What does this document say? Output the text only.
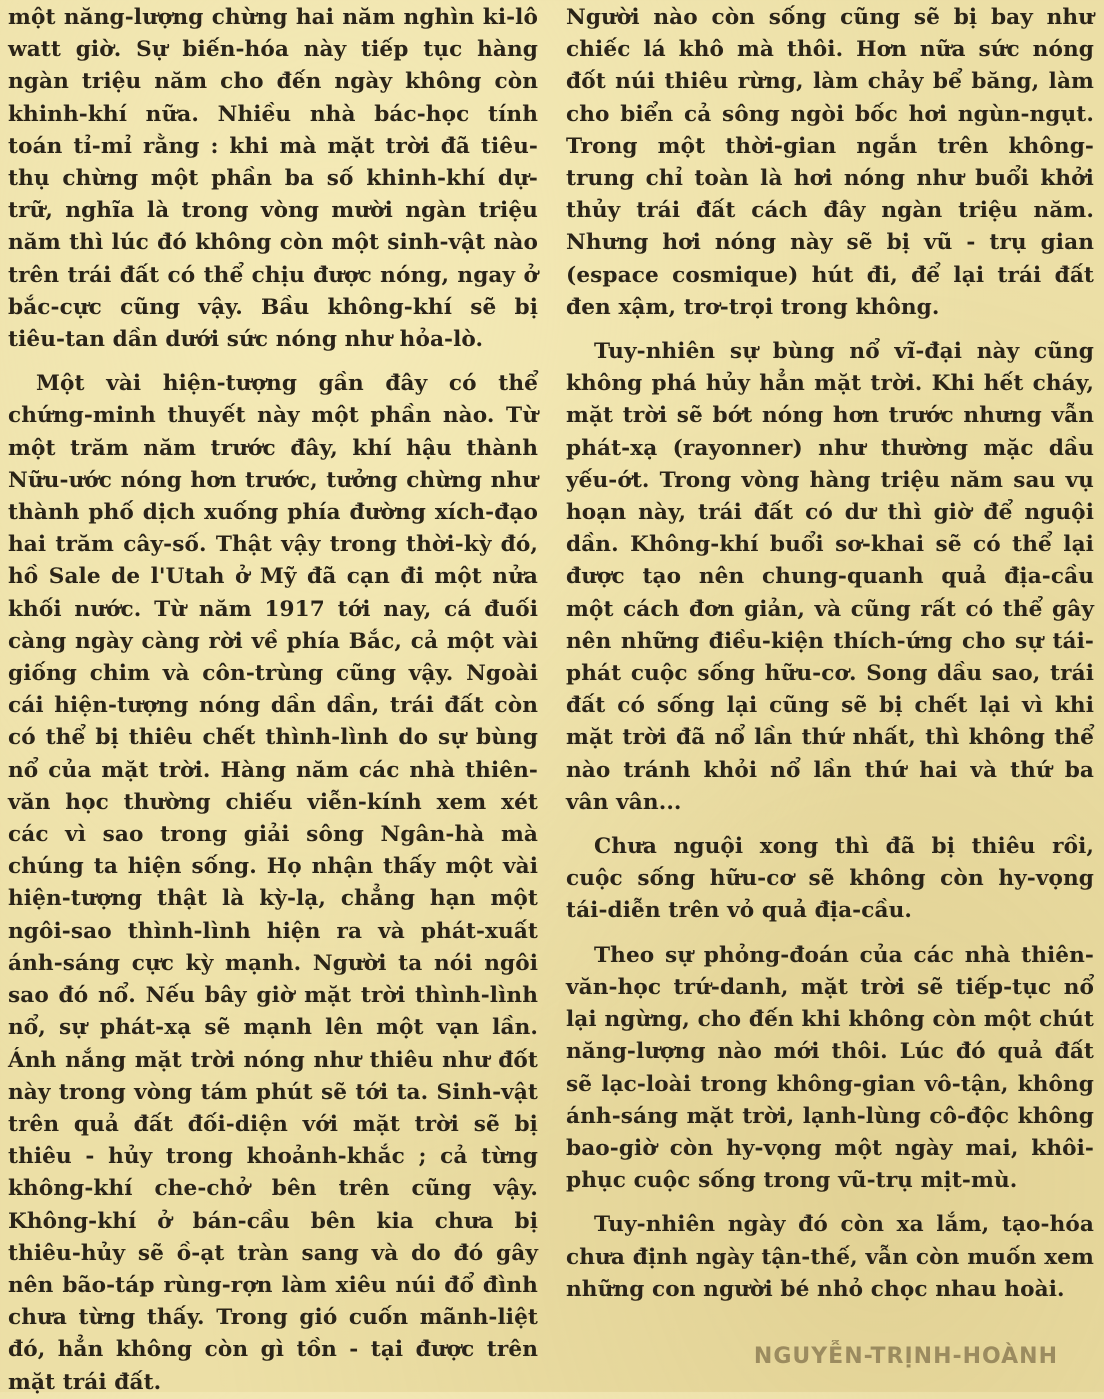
một năng-lượng chừng hai năm nghìn ki-lô watt giờ. Sự biến-hóa này tiếp tục hàng ngàn triệu năm cho đến ngày không còn khinh-khí nữa. Nhiều nhà bác-học tính toán tỉ-mỉ rằng : khi mà mặt trời đã tiêu-thụ chừng một phần ba số khinh-khí dự-trữ, nghĩa là trong vòng mười ngàn triệu năm thì lúc đó không còn một sinh-vật nào trên trái đất có thể chịu được nóng, ngay ở bắc-cực cũng vậy. Bầu không-khí sẽ bị tiêu-tan dần dưới sức nóng như hỏa-lò.

Một vài hiện-tượng gần đây có thể chứng-minh thuyết này một phần nào. Từ một trăm năm trước đây, khí hậu thành Nữu-ước nóng hơn trước, tưởng chừng như thành phố dịch xuống phía đường xích-đạo hai trăm cây-số. Thật vậy trong thời-kỳ đó, hồ Sale de l'Utah ở Mỹ đã cạn đi một nửa khối nước. Từ năm 1917 tới nay, cá đuối càng ngày càng rời về phía Bắc, cả một vài giống chim và côn-trùng cũng vậy. Ngoài cái hiện-tượng nóng dần dần, trái đất còn có thể bị thiêu chết thình-lình do sự bùng nổ của mặt trời. Hàng năm các nhà thiên-văn học thường chiếu viễn-kính xem xét các vì sao trong giải sông Ngân-hà mà chúng ta hiện sống. Họ nhận thấy một vài hiện-tượng thật là kỳ-lạ, chẳng hạn một ngôi-sao thình-lình hiện ra và phát-xuất ánh-sáng cực kỳ mạnh. Người ta nói ngôi sao đó nổ. Nếu bây giờ mặt trời thình-lình nổ, sự phát-xạ sẽ mạnh lên một vạn lần. Ánh nắng mặt trời nóng như thiêu như đốt này trong vòng tám phút sẽ tới ta. Sinh-vật trên quả đất đối-diện với mặt trời sẽ bị thiêu - hủy trong khoảnh-khắc ; cả từng không-khí che-chở bên trên cũng vậy. Không-khí ở bán-cầu bên kia chưa bị thiêu-hủy sẽ ồ-ạt tràn sang và do đó gây nên bão-táp rùng-rợn làm xiêu núi đổ đình chưa từng thấy. Trong gió cuốn mãnh-liệt đó, hẳn không còn gì tồn - tại được trên mặt trái đất.

Người nào còn sống cũng sẽ bị bay như chiếc lá khô mà thôi. Hơn nữa sức nóng đốt núi thiêu rừng, làm chảy bể băng, làm cho biển cả sông ngòi bốc hơi ngùn-ngụt. Trong một thời-gian ngắn trên không-trung chỉ toàn là hơi nóng như buổi khởi thủy trái đất cách đây ngàn triệu năm. Nhưng hơi nóng này sẽ bị vũ - trụ gian (espace cosmique) hút đi, để lại trái đất đen xậm, trơ-trọi trong không.

Tuy-nhiên sự bùng nổ vĩ-đại này cũng không phá hủy hẳn mặt trời. Khi hết cháy, mặt trời sẽ bớt nóng hơn trước nhưng vẫn phát-xạ (rayonner) như thường mặc dầu yếu-ớt. Trong vòng hàng triệu năm sau vụ hoạn này, trái đất có dư thì giờ để nguội dần. Không-khí buổi sơ-khai sẽ có thể lại được tạo nên chung-quanh quả địa-cầu một cách đơn giản, và cũng rất có thể gây nên những điều-kiện thích-ứng cho sự tái-phát cuộc sống hữu-cơ. Song dầu sao, trái đất có sống lại cũng sẽ bị chết lại vì khi mặt trời đã nổ lần thứ nhất, thì không thể nào tránh khỏi nổ lần thứ hai và thứ ba vân vân...

Chưa nguội xong thì đã bị thiêu rồi, cuộc sống hữu-cơ sẽ không còn hy-vọng tái-diễn trên vỏ quả địa-cầu.

Theo sự phỏng-đoán của các nhà thiên-văn-học trứ-danh, mặt trời sẽ tiếp-tục nổ lại ngừng, cho đến khi không còn một chút năng-lượng nào mới thôi. Lúc đó quả đất sẽ lạc-loài trong không-gian vô-tận, không ánh-sáng mặt trời, lạnh-lùng cô-độc không bao-giờ còn hy-vọng một ngày mai, khôi-phục cuộc sống trong vũ-trụ mịt-mù.

Tuy-nhiên ngày đó còn xa lắm, tạo-hóa chưa định ngày tận-thế, vẫn còn muốn xem những con người bé nhỏ chọc nhau hoài.

NGUYỄN-TRỊNH-HOÀNH
